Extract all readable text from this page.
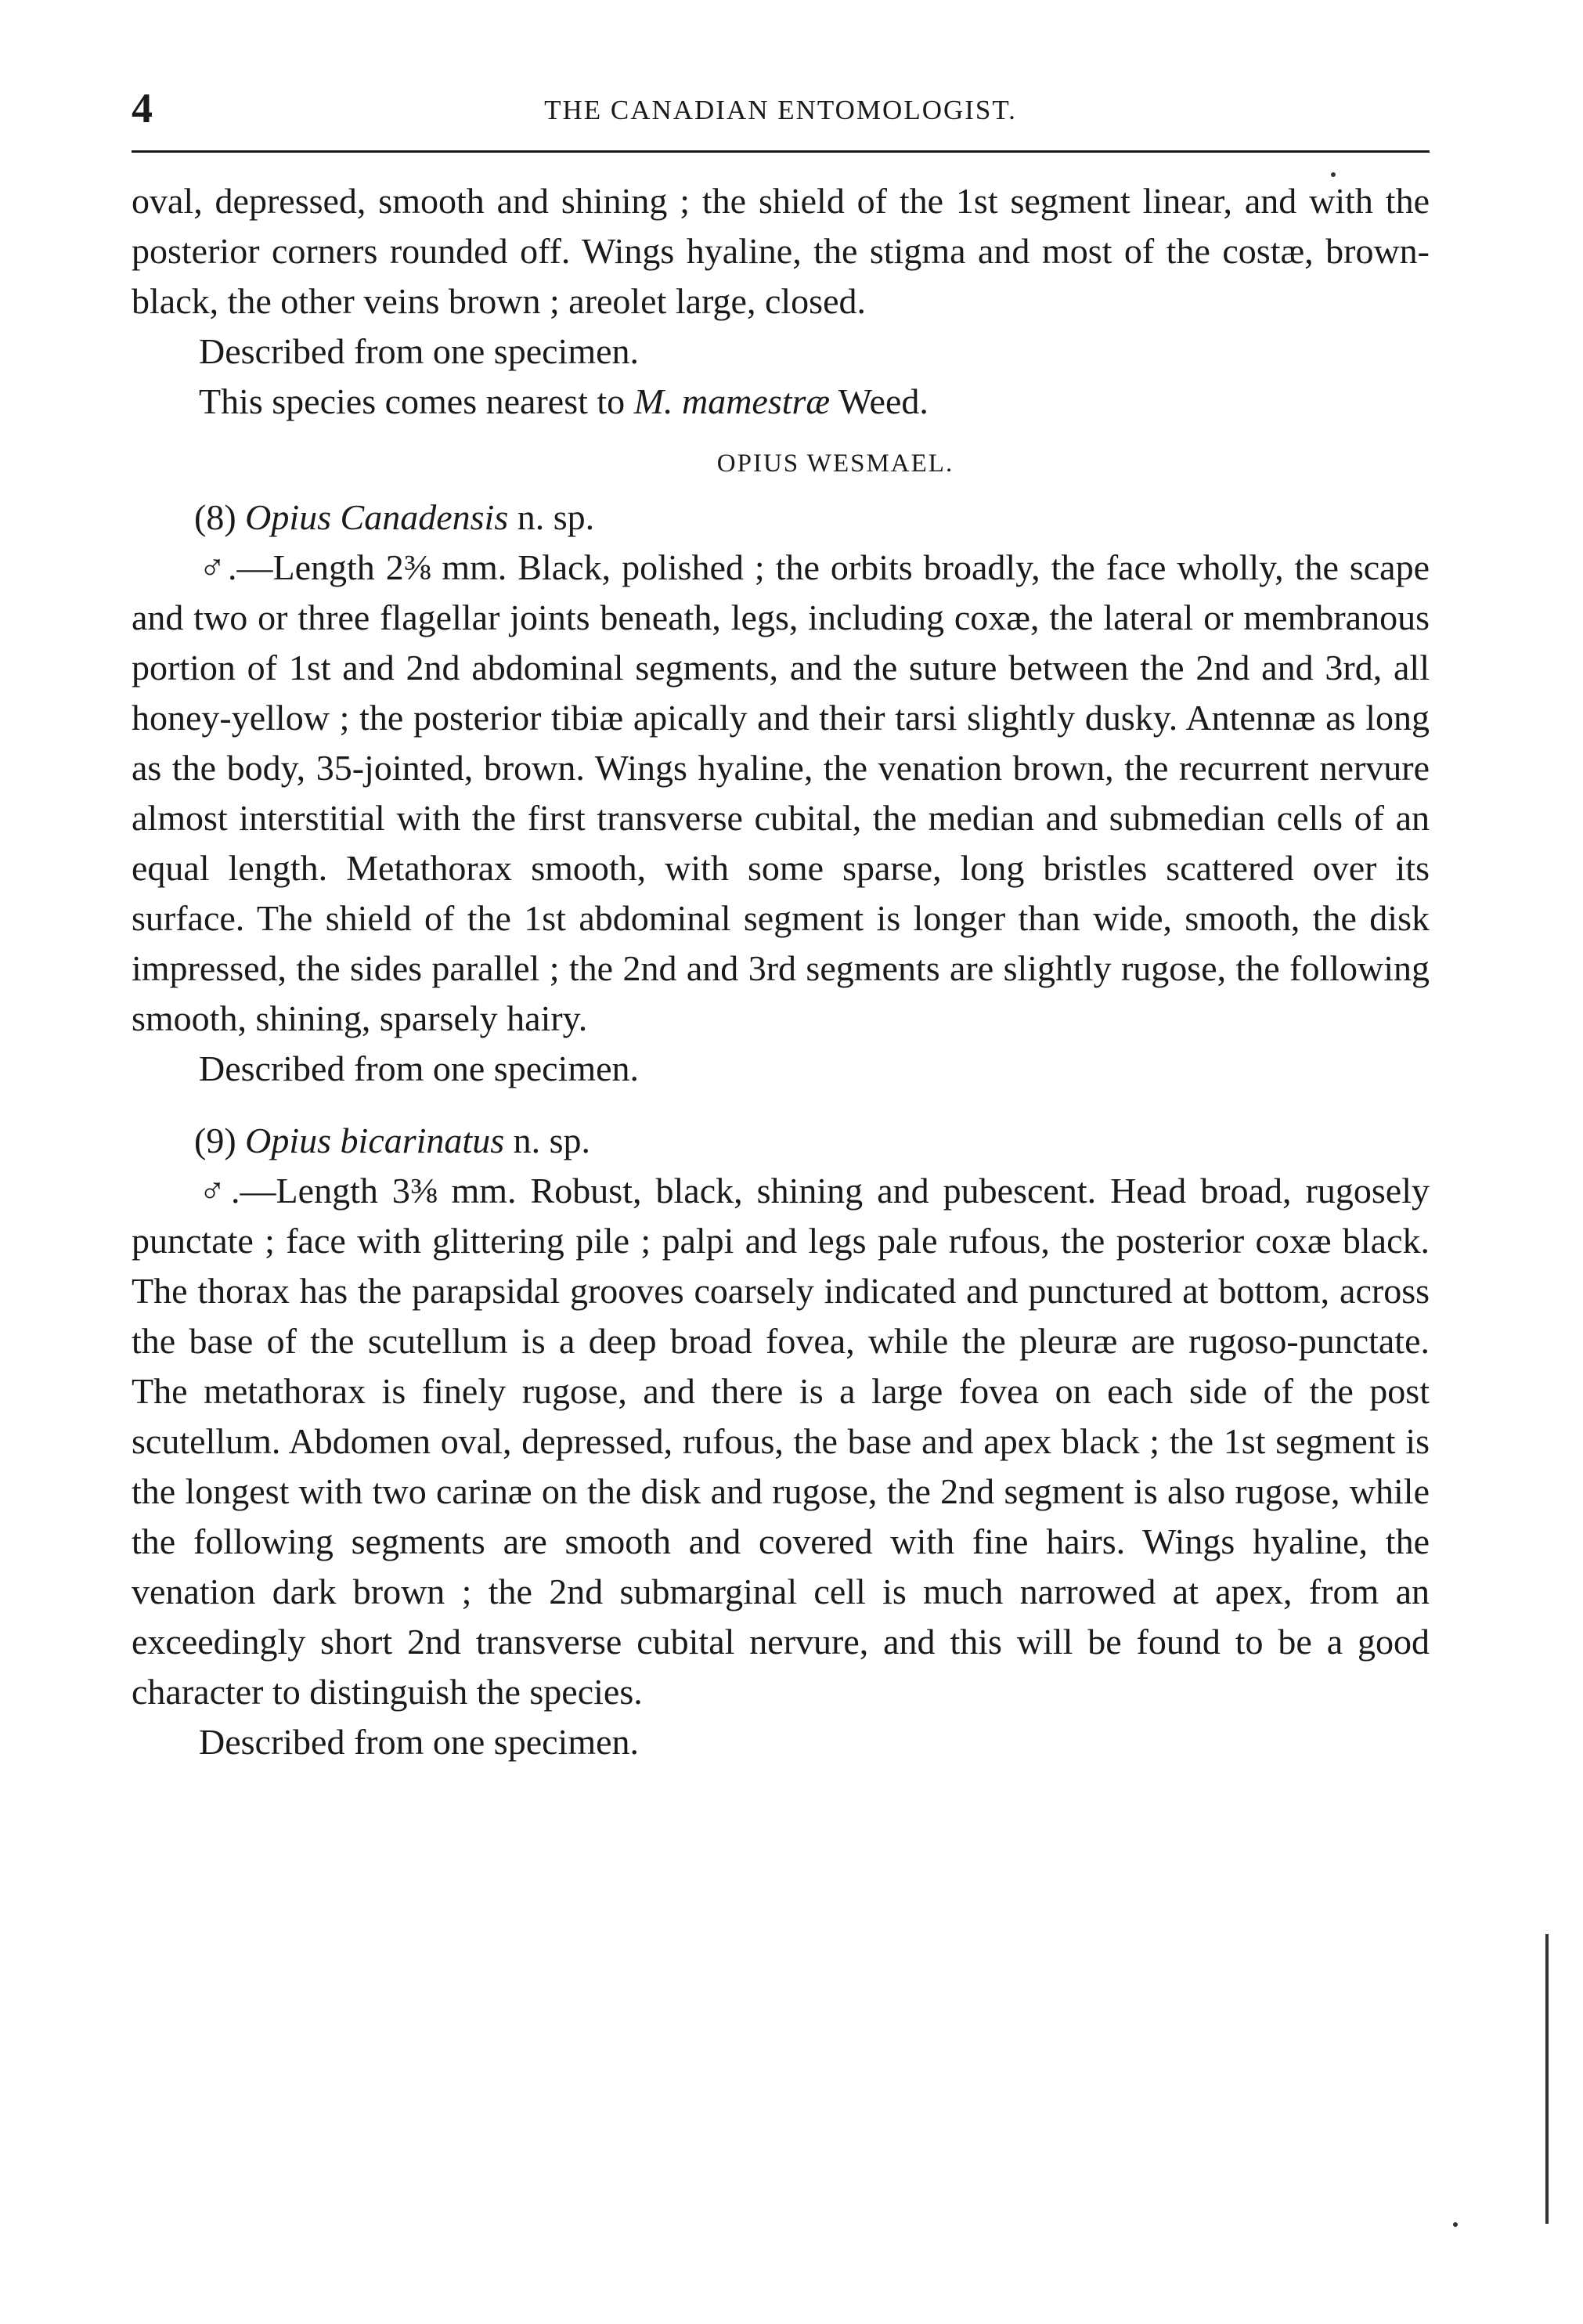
4	THE CANADIAN ENTOMOLOGIST.

oval, depressed, smooth and shining ; the shield of the 1st segment linear, and with the posterior corners rounded off. Wings hyaline, the stigma and most of the costæ, brown-black, the other veins brown ; areolet large, closed.

Described from one specimen.

This species comes nearest to M. mamestræ Weed.

OPIUS WESMAEL.
(8) Opius Canadensis n. sp.

♂.—Length 2⅜ mm. Black, polished ; the orbits broadly, the face wholly, the scape and two or three flagellar joints beneath, legs, including coxæ, the lateral or membranous portion of 1st and 2nd abdominal segments, and the suture between the 2nd and 3rd, all honey-yellow ; the posterior tibiæ apically and their tarsi slightly dusky. Antennæ as long as the body, 35-jointed, brown. Wings hyaline, the venation brown, the recurrent nervure almost interstitial with the first transverse cubital, the median and submedian cells of an equal length. Metathorax smooth, with some sparse, long bristles scattered over its surface. The shield of the 1st abdominal segment is longer than wide, smooth, the disk impressed, the sides parallel ; the 2nd and 3rd segments are slightly rugose, the following smooth, shining, sparsely hairy.

Described from one specimen.

(9) Opius bicarinatus n. sp.

♂.—Length 3⅜ mm. Robust, black, shining and pubescent. Head broad, rugosely punctate ; face with glittering pile ; palpi and legs pale rufous, the posterior coxæ black. The thorax has the parapsidal grooves coarsely indicated and punctured at bottom, across the base of the scutellum is a deep broad fovea, while the pleuræ are rugoso-punctate. The metathorax is finely rugose, and there is a large fovea on each side of the post scutellum. Abdomen oval, depressed, rufous, the base and apex black ; the 1st segment is the longest with two carinæ on the disk and rugose, the 2nd segment is also rugose, while the following segments are smooth and covered with fine hairs. Wings hyaline, the venation dark brown ; the 2nd submarginal cell is much narrowed at apex, from an exceedingly short 2nd transverse cubital nervure, and this will be found to be a good character to distinguish the species.

Described from one specimen.
